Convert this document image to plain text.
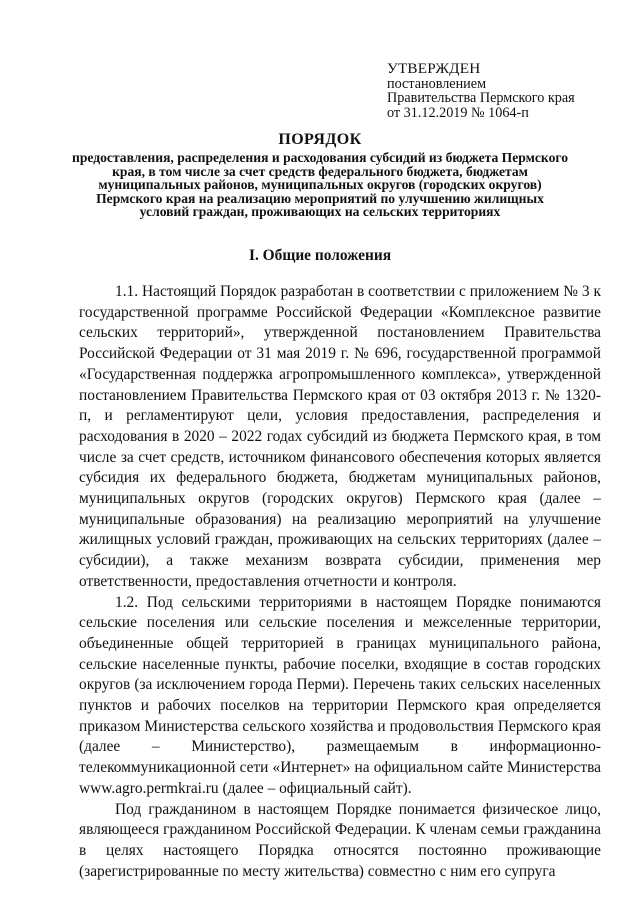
УТВЕРЖДЕН
постановлением
Правительства Пермского края
от 31.12.2019 № 1064-п
ПОРЯДОК
предоставления, распределения и расходования субсидий из бюджета Пермского края, в том числе за счет средств федерального бюджета, бюджетам муниципальных районов, муниципальных округов (городских округов) Пермского края на реализацию мероприятий по улучшению жилищных условий граждан, проживающих на сельских территориях
I. Общие положения

1.1. Настоящий Порядок разработан в соответствии с приложением № 3 к государственной программе Российской Федерации «Комплексное развитие сельских территорий», утвержденной постановлением Правительства Российской Федерации от 31 мая 2019 г. № 696, государственной программой «Государственная поддержка агропромышленного комплекса», утвержденной постановлением Правительства Пермского края от 03 октября 2013 г. № 1320-п, и регламентируют цели, условия предоставления, распределения и расходования в 2020 – 2022 годах субсидий из бюджета Пермского края, в том числе за счет средств, источником финансового обеспечения которых является субсидия их федерального бюджета, бюджетам муниципальных районов, муниципальных округов (городских округов) Пермского края (далее – муниципальные образования) на реализацию мероприятий на улучшение жилищных условий граждан, проживающих на сельских территориях (далее – субсидии), а также механизм возврата субсидии, применения мер ответственности, предоставления отчетности и контроля.

1.2. Под сельскими территориями в настоящем Порядке понимаются сельские поселения или сельские поселения и межселенные территории, объединенные общей территорией в границах муниципального района, сельские населенные пункты, рабочие поселки, входящие в состав городских округов (за исключением города Перми). Перечень таких сельских населенных пунктов и рабочих поселков на территории Пермского края определяется приказом Министерства сельского хозяйства и продовольствия Пермского края (далее – Министерство), размещаемым в информационно-телекоммуникационной сети «Интернет» на официальном сайте Министерства www.agro.permkrai.ru (далее – официальный сайт).

Под гражданином в настоящем Порядке понимается физическое лицо, являющееся гражданином Российской Федерации. К членам семьи гражданина в целях настоящего Порядка относятся постоянно проживающие (зарегистрированные по месту жительства) совместно с ним его супруга
